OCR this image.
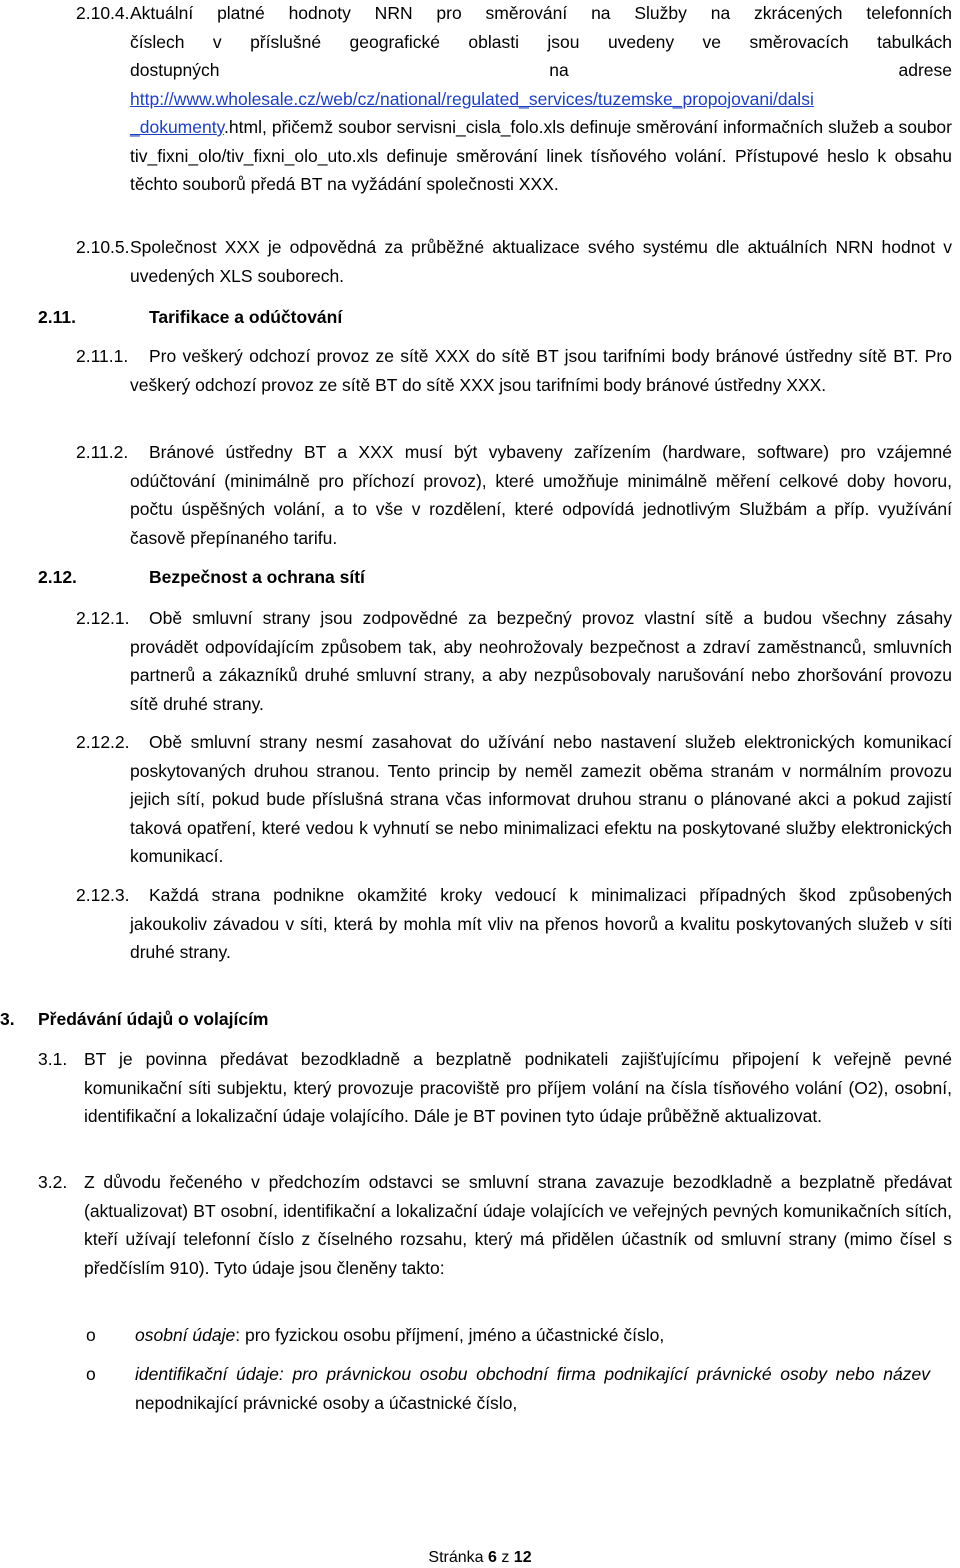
2.10.4. Aktuální platné hodnoty NRN pro směrování na Služby na zkrácených telefonních
číslech v příslušné geografické oblasti jsou uvedeny ve směrovacích tabulkách
dostupných na adrese
http://www.wholesale.cz/web/cz/national/regulated_services/tuzemske_propojovani/dalsi
_dokumenty.html, přičemž soubor servisni_cisla_folo.xls definuje směrování informačních služeb a soubor tiv_fixni_olo/tiv_fixni_olo_uto.xls definuje směrování linek tísňového volání. Přístupové heslo k obsahu těchto souborů předá BT na vyžádání společnosti XXX.
2.10.5. Společnost XXX je odpovědná za průběžné aktualizace svého systému dle aktuálních NRN hodnot v uvedených XLS souborech.
2.11.	Tarifikace a odúčtování
2.11.1.	Pro veškerý odchozí provoz ze sítě XXX do sítě BT jsou tarifními body bránové ústředny sítě BT. Pro veškerý odchozí provoz ze sítě BT do sítě XXX jsou tarifními body bránové ústředny XXX.
2.11.2.	Bránové ústředny BT a XXX musí být vybaveny zařízením (hardware, software) pro vzájemné odúčtování (minimálně pro příchozí provoz), které umožňuje minimálně měření celkové doby hovoru, počtu úspěšných volání, a to vše v rozdělení, které odpovídá jednotlivým Službám a příp. využívání časově přepínaného tarifu.
2.12.	Bezpečnost a ochrana sítí
2.12.1.	Obě smluvní strany jsou zodpovědné za bezpečný provoz vlastní sítě a budou všechny zásahy provádět odpovídajícím způsobem tak, aby neohrožovaly bezpečnost a zdraví zaměstnanců, smluvních partnerů a zákazníků druhé smluvní strany, a aby nezpůsobovaly narušování nebo zhoršování provozu sítě druhé strany.
2.12.2.	Obě smluvní strany nesmí zasahovat do užívání nebo nastavení služeb elektronických komunikací poskytovaných druhou stranou. Tento princip by neměl zamezit oběma stranám v normálním provozu jejich sítí, pokud bude příslušná strana včas informovat druhou stranu o plánované akci a pokud zajistí taková opatření, které vedou k vyhnutí se nebo minimalizaci efektu na poskytované služby elektronických komunikací.
2.12.3.	Každá strana podnikne okamžité kroky vedoucí k minimalizaci případných škod způsobených jakoukoliv závadou v síti, která by mohla mít vliv na přenos hovorů a kvalitu poskytovaných služeb v síti druhé strany.
3. Předávání údajů o volajícím
3.1. BT je povinna předávat bezodkladně a bezplatně podnikateli zajišťujícímu připojení k veřejně pevné komunikační síti subjektu, který provozuje pracoviště pro příjem volání na čísla tísňového volání (O2), osobní, identifikační a lokalizační údaje volajícího. Dále je BT povinen tyto údaje průběžně aktualizovat.
3.2. Z důvodu řečeného v předchozím odstavci se smluvní strana zavazuje bezodkladně a bezplatně předávat (aktualizovat) BT osobní, identifikační a lokalizační údaje volajících ve veřejných pevných komunikačních sítích, kteří užívají telefonní číslo z číselného rozsahu, který má přidělen účastník od smluvní strany (mimo čísel s předčíslím 910). Tyto údaje jsou členěny takto:
o osobní údaje: pro fyzickou osobu příjmení, jméno a účastnické číslo,
o identifikační údaje: pro právnickou osobu obchodní firma podnikající právnické osoby nebo název nepodnikající právnické osoby a účastnické číslo,
Stránka 6 z 12
